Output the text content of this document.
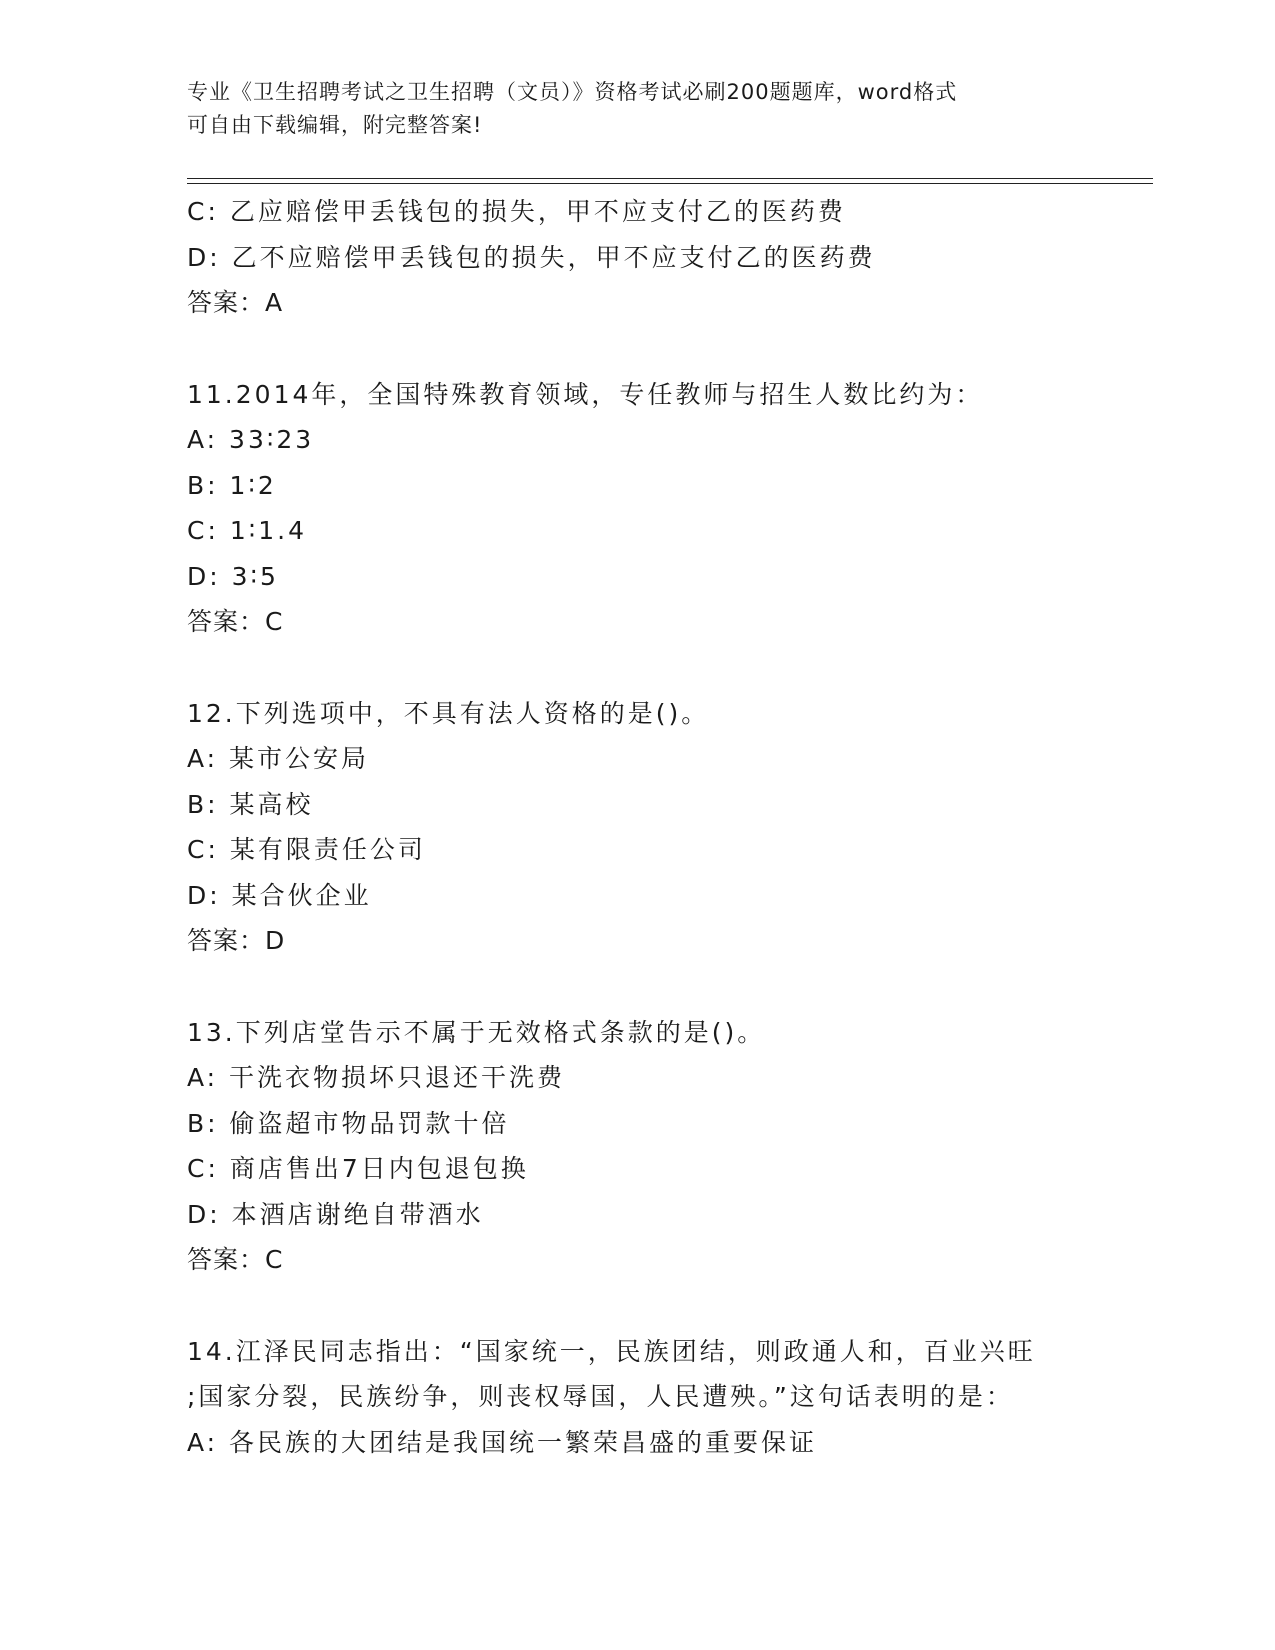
专业《卫生招聘考试之卫生招聘（文员）》资格考试必刷200题题库，word格式
可自由下载编辑，附完整答案!
C: 乙应赔偿甲丢钱包的损失，甲不应支付乙的医药费
D: 乙不应赔偿甲丢钱包的损失，甲不应支付乙的医药费
答案：A
11.2014年，全国特殊教育领域，专任教师与招生人数比约为：
A: 33∶23
B: 1∶2
C: 1∶1.4
D: 3∶5
答案：C
12.下列选项中，不具有法人资格的是()。
A: 某市公安局
B: 某高校
C: 某有限责任公司
D: 某合伙企业
答案：D
13.下列店堂告示不属于无效格式条款的是()。
A: 干洗衣物损坏只退还干洗费
B: 偷盗超市物品罚款十倍
C: 商店售出7日内包退包换
D: 本酒店谢绝自带酒水
答案：C
14.江泽民同志指出：“国家统一，民族团结，则政通人和，百业兴旺
;国家分裂，民族纷争，则丧权辱国，人民遭殃。”这句话表明的是：
A: 各民族的大团结是我国统一繁荣昌盛的重要保证
